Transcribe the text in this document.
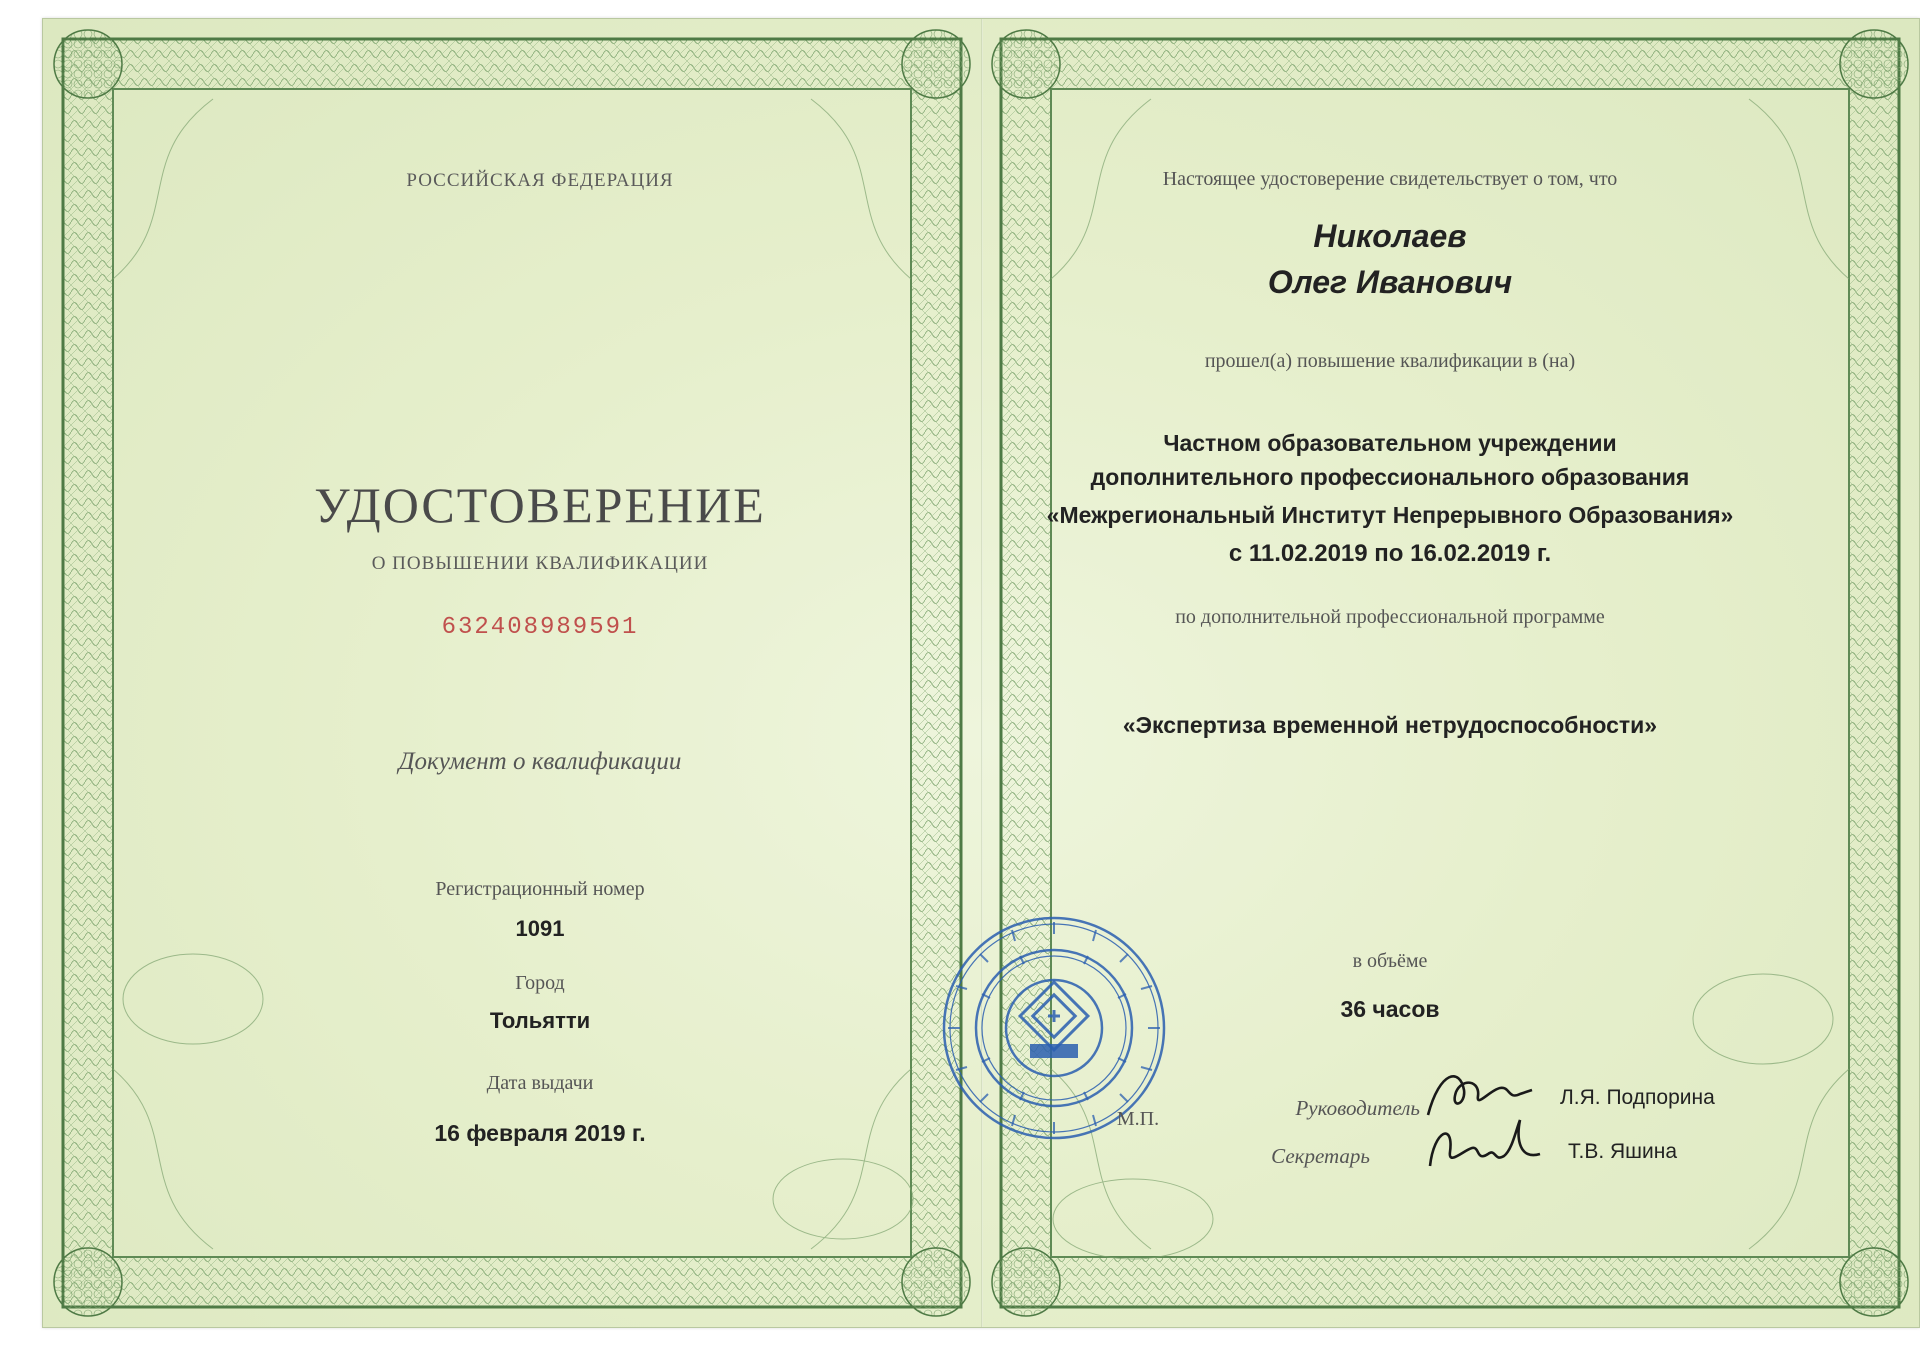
РОССИЙСКАЯ ФЕДЕРАЦИЯ
УДОСТОВЕРЕНИЕ
О ПОВЫШЕНИИ КВАЛИФИКАЦИИ
632408989591
Документ о квалификации
Регистрационный номер
1091
Город
Тольятти
Дата выдачи
16 февраля 2019 г.
Настоящее удостоверение свидетельствует о том, что
Николаев
Олег Иванович
прошел(а) повышение квалификации в (на)
Частном образовательном учреждении
дополнительного профессионального образования
«Межрегиональный Институт Непрерывного Образования»
с 11.02.2019 по 16.02.2019 г.
по дополнительной профессиональной программе
«Экспертиза временной нетрудоспособности»
в объёме
36 часов
М.П.	Руководитель	Л.Я. Подпорина
Секретарь	Т.В. Яшина
